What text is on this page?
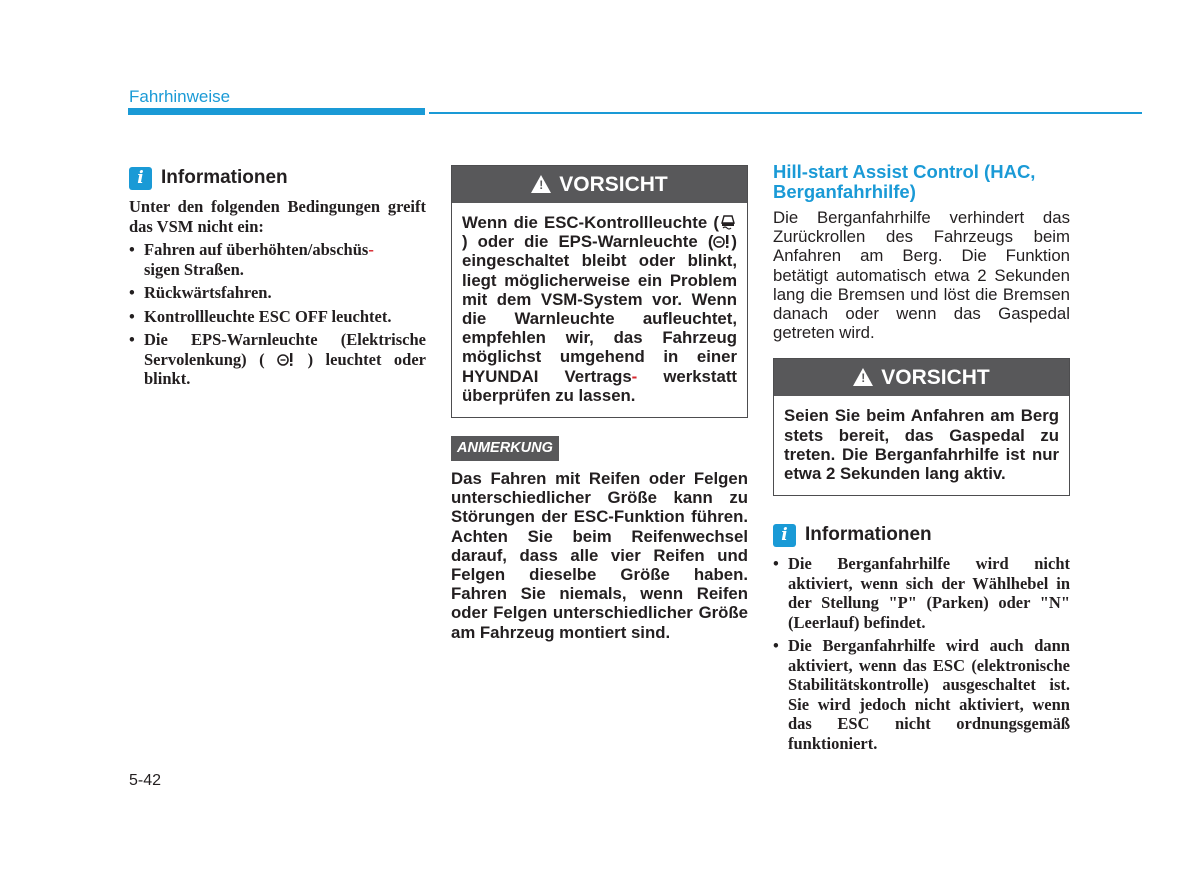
Fahrhinweise
i Informationen

Unter den folgenden Bedingungen greift das VSM nicht ein:

• Fahren auf überhöhten/abschüs-
sigen Straßen.
• Rückwärtsfahren.
• Kontrollleuchte ESC OFF leuchtet.
• Die EPS-Warnleuchte (Elektrische Servolenkung) (	) leuchtet oder blinkt.
! VORSICHT
Wenn die ESC-Kontrollleuchte () oder die EPS-Warnleuchte ( ) eingeschaltet bleibt oder blinkt, liegt möglicherweise ein Problem mit dem VSM-System vor. Wenn die Warnleuchte aufleuchtet, empfehlen wir, das Fahrzeug möglichst umgehend in einer HYUNDAI Vertrags- werkstatt überprüfen zu lassen.
ANMERKUNG
Das Fahren mit Reifen oder Felgen unterschiedlicher Größe kann zu Störungen der ESC-Funktion führen. Achten Sie beim Reifenwechsel darauf, dass alle vier Reifen und Felgen dieselbe Größe haben. Fahren Sie niemals, wenn Reifen oder Felgen unterschiedlicher Größe am Fahrzeug montiert sind.
Hill-start Assist Control (HAC, Berganfahrhilfe)
Die Berganfahrhilfe verhindert das Zurückrollen des Fahrzeugs beim Anfahren am Berg. Die Funktion betätigt automatisch etwa 2 Sekunden lang die Bremsen und löst die Bremsen danach oder wenn das Gaspedal getreten wird.
! VORSICHT
Seien Sie beim Anfahren am Berg stets bereit, das Gaspedal zu treten. Die Berganfahrhilfe ist nur etwa 2 Sekunden lang aktiv.
i Informationen
• Die Berganfahrhilfe wird nicht aktiviert, wenn sich der Wählhebel in der Stellung "P" (Parken) oder "N" (Leerlauf) befindet.
• Die Berganfahrhilfe wird auch dann aktiviert, wenn das ESC (elektronische Stabilitätskontrolle) ausgeschaltet ist. Sie wird jedoch nicht aktiviert, wenn das ESC nicht ordnungsgemäß funktioniert.
5-42
